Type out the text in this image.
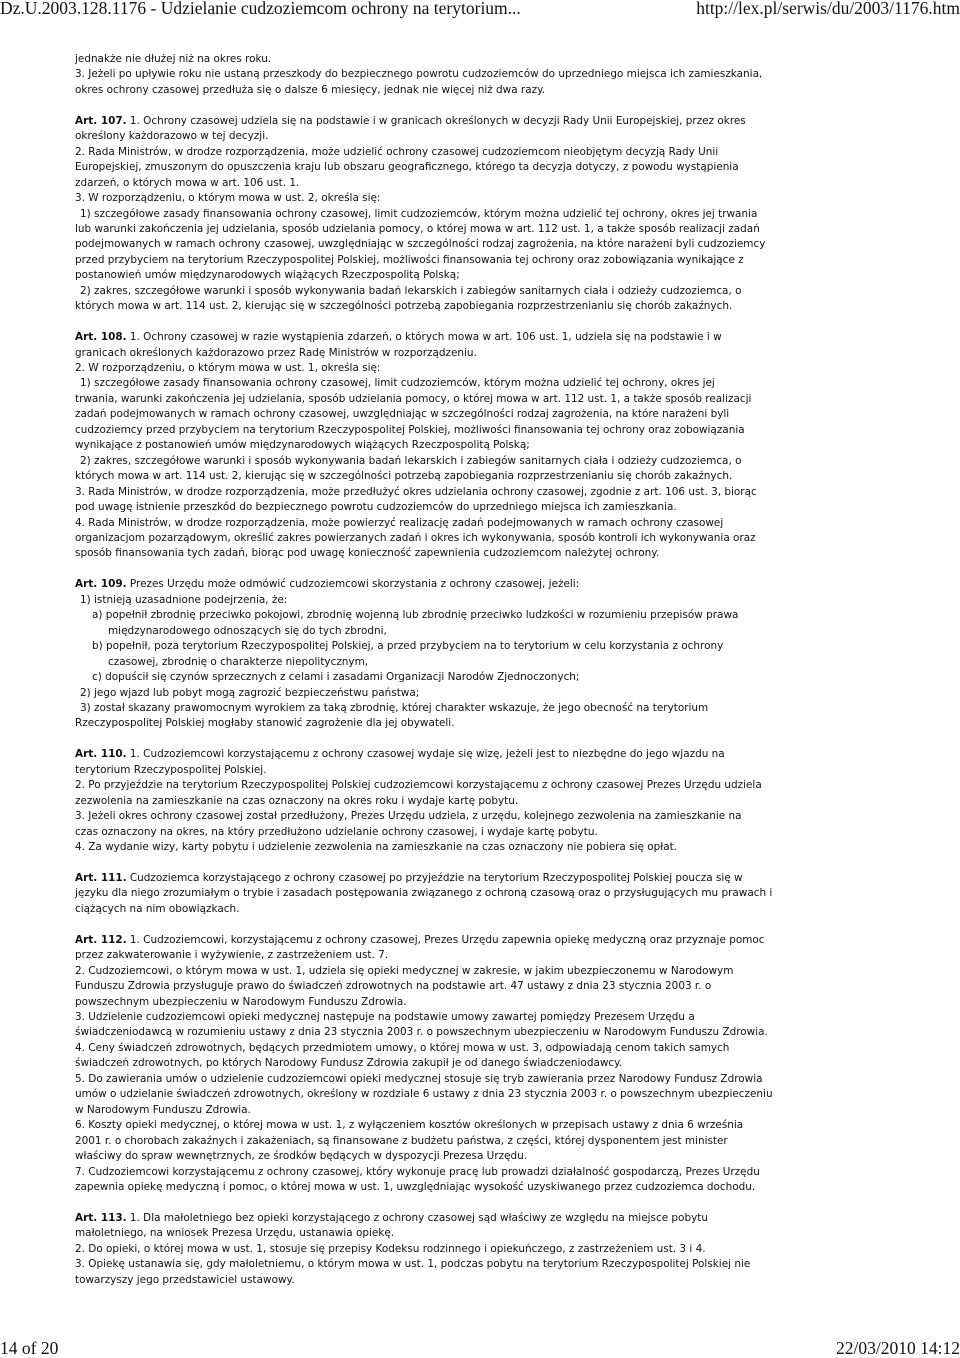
Dz.U.2003.128.1176 - Udzielanie cudzoziemcom ochrony na terytorium...	http://lex.pl/serwis/du/2003/1176.htm

jednakże nie dłużej niż na okres roku.

3. Jeżeli po upływie roku nie ustaną przeszkody do bezpiecznego powrotu cudzoziemców do uprzedniego miejsca ich zamieszkania,

okres ochrony czasowej przedłuża się o dalsze 6 miesięcy, jednak nie więcej niż dwa razy.

Art. 107. 1. Ochrony czasowej udziela się na podstawie i w granicach określonych w decyzji Rady Unii Europejskiej, przez okres

określony każdorazowo w tej decyzji.

2. Rada Ministrów, w drodze rozporządzenia, może udzielić ochrony czasowej cudzoziemcom nieobjętym decyzją Rady Unii

Europejskiej, zmuszonym do opuszczenia kraju lub obszaru geograficznego, którego ta decyzja dotyczy, z powodu wystąpienia

zdarzeń, o których mowa w art. 106 ust. 1.

3. W rozporządzeniu, o którym mowa w ust. 2, określa się:

1) szczegółowe zasady finansowania ochrony czasowej, limit cudzoziemców, którym można udzielić tej ochrony, okres jej trwania

lub warunki zakończenia jej udzielania, sposób udzielania pomocy, o której mowa w art. 112 ust. 1, a także sposób realizacji zadań

podejmowanych w ramach ochrony czasowej, uwzględniając w szczególności rodzaj zagrożenia, na które narażeni byli cudzoziemcy

przed przybyciem na terytorium Rzeczypospolitej Polskiej, możliwości finansowania tej ochrony oraz zobowiązania wynikające z

postanowień umów międzynarodowych wiążących Rzeczpospolitą Polską;

2) zakres, szczegółowe warunki i sposób wykonywania badań lekarskich i zabiegów sanitarnych ciała i odzieży cudzoziemca, o

których mowa w art. 114 ust. 2, kierując się w szczególności potrzebą zapobiegania rozprzestrzenianiu się chorób zakaźnych.

Art. 108. 1. Ochrony czasowej w razie wystąpienia zdarzeń, o których mowa w art. 106 ust. 1, udziela się na podstawie i w

granicach określonych każdorazowo przez Radę Ministrów w rozporządzeniu.

2. W rozporządzeniu, o którym mowa w ust. 1, określa się:

1) szczegółowe zasady finansowania ochrony czasowej, limit cudzoziemców, którym można udzielić tej ochrony, okres jej

trwania, warunki zakończenia jej udzielania, sposób udzielania pomocy, o której mowa w art. 112 ust. 1, a także sposób realizacji

zadań podejmowanych w ramach ochrony czasowej, uwzględniając w szczególności rodzaj zagrożenia, na które narażeni byli

cudzoziemcy przed przybyciem na terytorium Rzeczypospolitej Polskiej, możliwości finansowania tej ochrony oraz zobowiązania

wynikające z postanowień umów międzynarodowych wiążących Rzeczpospolitą Polską;

2) zakres, szczegółowe warunki i sposób wykonywania badań lekarskich i zabiegów sanitarnych ciała i odzieży cudzoziemca, o

których mowa w art. 114 ust. 2, kierując się w szczególności potrzebą zapobiegania rozprzestrzenianiu się chorób zakaźnych.

3. Rada Ministrów, w drodze rozporządzenia, może przedłużyć okres udzielania ochrony czasowej, zgodnie z art. 106 ust. 3, biorąc

pod uwagę istnienie przeszkód do bezpiecznego powrotu cudzoziemców do uprzedniego miejsca ich zamieszkania.

4. Rada Ministrów, w drodze rozporządzenia, może powierzyć realizację zadań podejmowanych w ramach ochrony czasowej

organizacjom pozarządowym, określić zakres powierzanych zadań i okres ich wykonywania, sposób kontroli ich wykonywania oraz

sposób finansowania tych zadań, biorąc pod uwagę konieczność zapewnienia cudzoziemcom należytej ochrony.

Art. 109. Prezes Urzędu może odmówić cudzoziemcowi skorzystania z ochrony czasowej, jeżeli:

1) istnieją uzasadnione podejrzenia, że:

a) popełnił zbrodnię przeciwko pokojowi, zbrodnię wojenną lub zbrodnię przeciwko ludzkości w rozumieniu przepisów prawa

międzynarodowego odnoszących się do tych zbrodni,

b) popełnił, poza terytorium Rzeczypospolitej Polskiej, a przed przybyciem na to terytorium w celu korzystania z ochrony

czasowej, zbrodnię o charakterze niepolitycznym,

c) dopuścił się czynów sprzecznych z celami i zasadami Organizacji Narodów Zjednoczonych;

2) jego wjazd lub pobyt mogą zagrozić bezpieczeństwu państwa;

3) został skazany prawomocnym wyrokiem za taką zbrodnię, której charakter wskazuje, że jego obecność na terytorium

Rzeczypospolitej Polskiej mogłaby stanowić zagrożenie dla jej obywateli.

Art. 110. 1. Cudzoziemcowi korzystającemu z ochrony czasowej wydaje się wizę, jeżeli jest to niezbędne do jego wjazdu na

terytorium Rzeczypospolitej Polskiej.

2. Po przyjeździe na terytorium Rzeczypospolitej Polskiej cudzoziemcowi korzystającemu z ochrony czasowej Prezes Urzędu udziela

zezwolenia na zamieszkanie na czas oznaczony na okres roku i wydaje kartę pobytu.

3. Jeżeli okres ochrony czasowej został przedłużony, Prezes Urzędu udziela, z urzędu, kolejnego zezwolenia na zamieszkanie na

czas oznaczony na okres, na który przedłużono udzielanie ochrony czasowej, i wydaje kartę pobytu.

4. Za wydanie wizy, karty pobytu i udzielenie zezwolenia na zamieszkanie na czas oznaczony nie pobiera się opłat.

Art. 111. Cudzoziemca korzystającego z ochrony czasowej po przyjeździe na terytorium Rzeczypospolitej Polskiej poucza się w

języku dla niego zrozumiałym o trybie i zasadach postępowania związanego z ochroną czasową oraz o przysługujących mu prawach i

ciążących na nim obowiązkach.

Art. 112. 1. Cudzoziemcowi, korzystającemu z ochrony czasowej, Prezes Urzędu zapewnia opiekę medyczną oraz przyznaje pomoc

przez zakwaterowanie i wyżywienie, z zastrzeżeniem ust. 7.

2. Cudzoziemcowi, o którym mowa w ust. 1, udziela się opieki medycznej w zakresie, w jakim ubezpieczonemu w Narodowym

Funduszu Zdrowia przysługuje prawo do świadczeń zdrowotnych na podstawie art. 47 ustawy z dnia 23 stycznia 2003 r. o

powszechnym ubezpieczeniu w Narodowym Funduszu Zdrowia.

3. Udzielenie cudzoziemcowi opieki medycznej następuje na podstawie umowy zawartej pomiędzy Prezesem Urzędu a

świadczeniodawcą w rozumieniu ustawy z dnia 23 stycznia 2003 r. o powszechnym ubezpieczeniu w Narodowym Funduszu Zdrowia.

4. Ceny świadczeń zdrowotnych, będących przedmiotem umowy, o której mowa w ust. 3, odpowiadają cenom takich samych

świadczeń zdrowotnych, po których Narodowy Fundusz Zdrowia zakupił je od danego świadczeniodawcy.

5. Do zawierania umów o udzielenie cudzoziemcowi opieki medycznej stosuje się tryb zawierania przez Narodowy Fundusz Zdrowia

umów o udzielanie świadczeń zdrowotnych, określony w rozdziale 6 ustawy z dnia 23 stycznia 2003 r. o powszechnym ubezpieczeniu

w Narodowym Funduszu Zdrowia.

6. Koszty opieki medycznej, o której mowa w ust. 1, z wyłączeniem kosztów określonych w przepisach ustawy z dnia 6 września

2001 r. o chorobach zakaźnych i zakażeniach, są finansowane z budżetu państwa, z części, której dysponentem jest minister

właściwy do spraw wewnętrznych, ze środków będących w dyspozycji Prezesa Urzędu.

7. Cudzoziemcowi korzystającemu z ochrony czasowej, który wykonuje pracę lub prowadzi działalność gospodarczą, Prezes Urzędu

zapewnia opiekę medyczną i pomoc, o której mowa w ust. 1, uwzględniając wysokość uzyskiwanego przez cudzoziemca dochodu.

Art. 113. 1. Dla małoletniego bez opieki korzystającego z ochrony czasowej sąd właściwy ze względu na miejsce pobytu

małoletniego, na wniosek Prezesa Urzędu, ustanawia opiekę.

2. Do opieki, o której mowa w ust. 1, stosuje się przepisy Kodeksu rodzinnego i opiekuńczego, z zastrzeżeniem ust. 3 i 4.

3. Opiekę ustanawia się, gdy małoletniemu, o którym mowa w ust. 1, podczas pobytu na terytorium Rzeczypospolitej Polskiej nie

towarzyszy jego przedstawiciel ustawowy.

14 of 20	22/03/2010 14:12
